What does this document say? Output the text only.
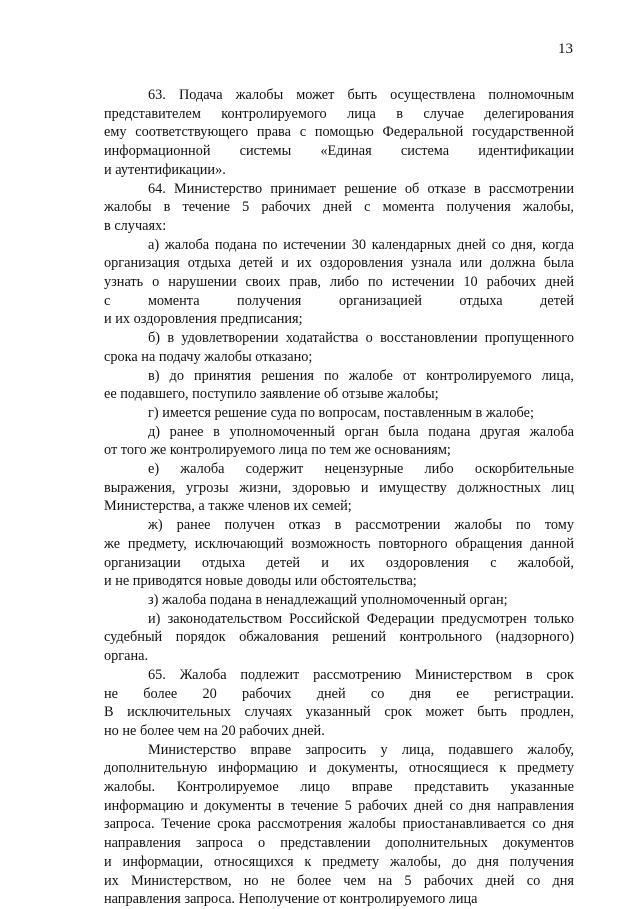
13
63. Подача жалобы может быть осуществлена полномочным
представителем контролируемого лица в случае делегирования
ему соответствующего права с помощью Федеральной государственной
информационной системы «Единая система идентификации
и аутентификации».
64. Министерство принимает решение об отказе в рассмотрении
жалобы в течение 5 рабочих дней с момента получения жалобы,
в случаях:
а) жалоба подана по истечении 30 календарных дней со дня, когда
организация отдыха детей и их оздоровления узнала или должна была
узнать о нарушении своих прав, либо по истечении 10 рабочих дней
с момента получения организацией отдыха детей
и их оздоровления предписания;
б) в удовлетворении ходатайства о восстановлении пропущенного
срока на подачу жалобы отказано;
в) до принятия решения по жалобе от контролируемого лица,
ее подавшего, поступило заявление об отзыве жалобы;
г) имеется решение суда по вопросам, поставленным в жалобе;
д) ранее в уполномоченный орган была подана другая жалоба
от того же контролируемого лица по тем же основаниям;
е) жалоба содержит нецензурные либо оскорбительные
выражения, угрозы жизни, здоровью и имуществу должностных лиц
Министерства, а также членов их семей;
ж) ранее получен отказ в рассмотрении жалобы по тому
же предмету, исключающий возможность повторного обращения данной
организации отдыха детей и их оздоровления с жалобой,
и не приводятся новые доводы или обстоятельства;
з) жалоба подана в ненадлежащий уполномоченный орган;
и) законодательством Российской Федерации предусмотрен только
судебный порядок обжалования решений контрольного (надзорного)
органа.
65. Жалоба подлежит рассмотрению Министерством в срок
не более 20 рабочих дней со дня ее регистрации.
В исключительных случаях указанный срок может быть продлен,
но не более чем на 20 рабочих дней.
Министерство вправе запросить у лица, подавшего жалобу,
дополнительную информацию и документы, относящиеся к предмету
жалобы. Контролируемое лицо вправе представить указанные
информацию и документы в течение 5 рабочих дней со дня направления
запроса. Течение срока рассмотрения жалобы приостанавливается со дня
направления запроса о представлении дополнительных документов
и информации, относящихся к предмету жалобы, до дня получения
их Министерством, но не более чем на 5 рабочих дней со дня
направления запроса. Неполучение от контролируемого лица
